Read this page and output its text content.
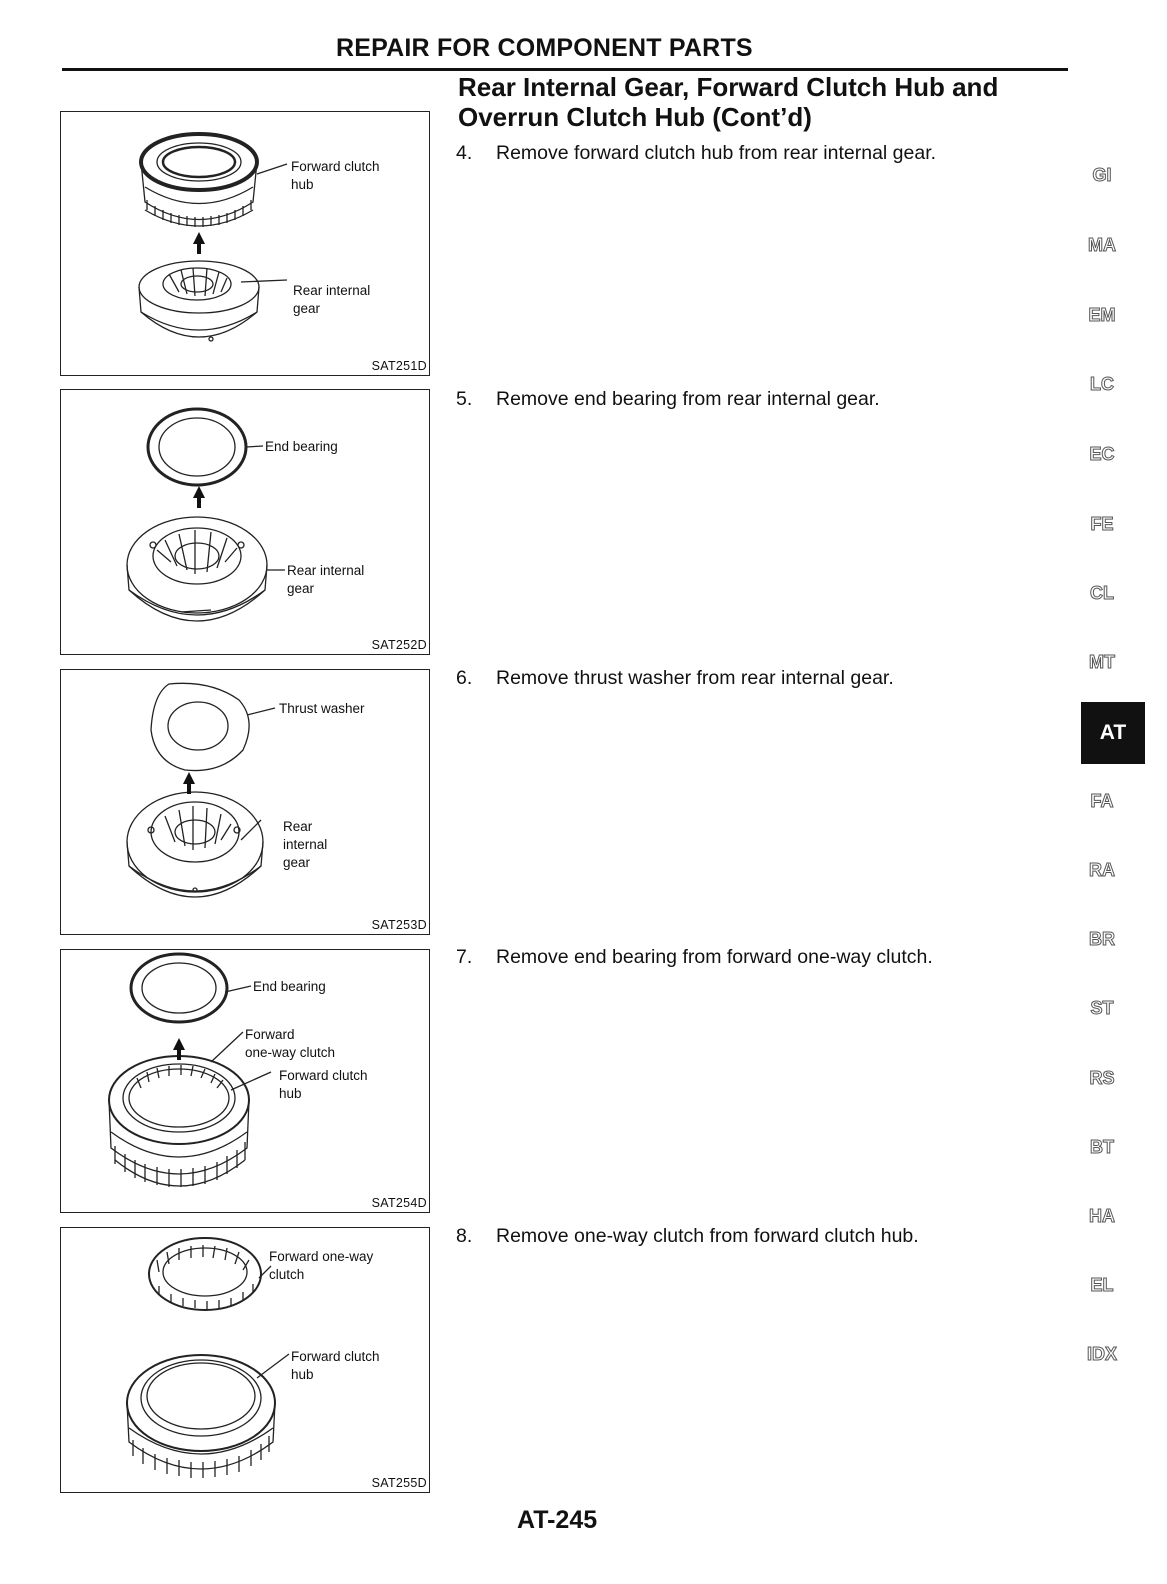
REPAIR FOR COMPONENT PARTS
Rear Internal Gear, Forward Clutch Hub and Overrun Clutch Hub (Cont’d)
Forward clutch
hub
Rear internal
gear
SAT251D
End bearing
Rear internal
gear
SAT252D
Thrust washer
Rear
internal
gear
SAT253D
End bearing
Forward
one-way clutch
Forward clutch
hub
SAT254D
Forward one-way
clutch
Forward clutch
hub
SAT255D
4. Remove forward clutch hub from rear internal gear.
5. Remove end bearing from rear internal gear.
6. Remove thrust washer from rear internal gear.
7. Remove end bearing from forward one-way clutch.
8. Remove one-way clutch from forward clutch hub.
GI
MA
EM
LC
EC
FE
CL
MT
AT
FA
RA
BR
ST
RS
BT
HA
EL
IDX
AT-245
